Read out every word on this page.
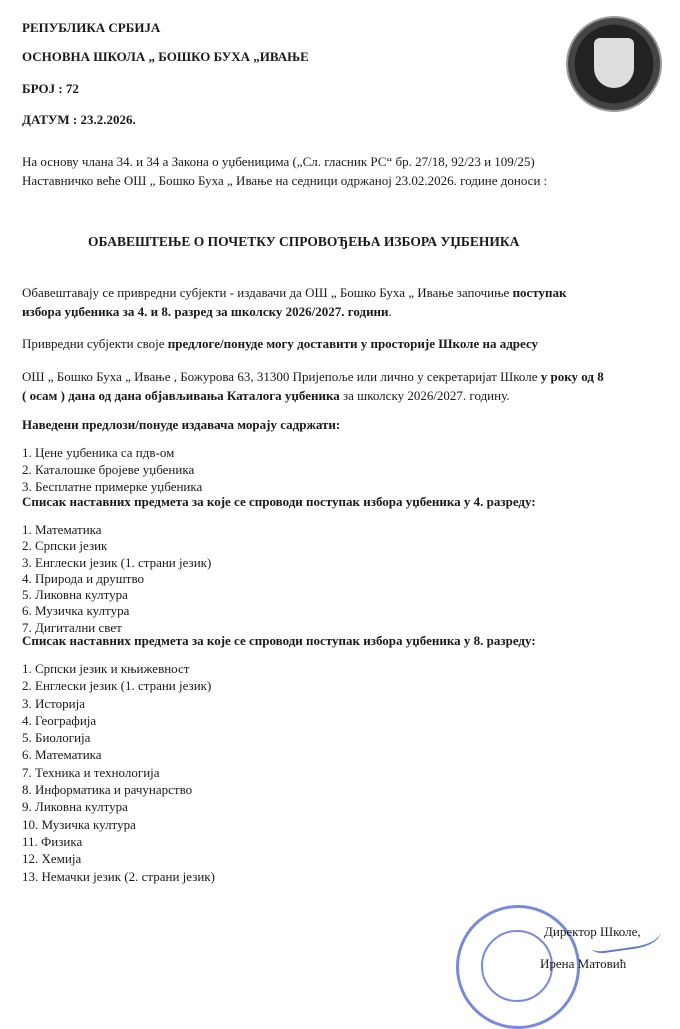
РЕПУБЛИКА СРБИЈА
ОСНОВНА ШКОЛА „ БОШКО БУХА „ИВАЊЕ
БРОЈ : 72
ДАТУМ : 23.2.2026.
На основу члана 34. и 34 а Закона о уџбеницима („Сл. гласник РС“ бр. 27/18, 92/23 и 109/25)
Наставничко веће ОШ „ Бошко Буха „ Ивање на седници одржаној 23.02.2026. године доноси :
ОБАВЕШТЕЊЕ О ПОЧЕТКУ СПРОВОЂЕЊА ИЗБОРА УЏБЕНИКА
Обавештавају се привредни субјекти - издавачи да ОШ „ Бошко Буха „ Ивање започиње поступак
избора уџбеника за 4. и 8. разред за школску 2026/2027. години.
Привредни субјекти своје предлоге/понуде могу доставити у просторије Школе на адресу
ОШ „ Бошко Буха „ Ивање , Божурова 63, 31300 Пријепоље или лично у секретаријат Школе у року од 8
( осам ) дана од дана објављивања Каталога уџбеника за школску 2026/2027. годину.
Наведени предлози/понуде издавача морају садржати:
1. Цене уџбеника са пдв-ом
2. Каталошке бројеве уџбеника
3. Бесплатне примерке уџбеника
Списак наставних предмета за које се спроводи поступак избора уџбеника у 4. разреду:
1. Математика
2. Српски језик
3. Енглески језик (1. страни језик)
4. Природа и друштво
5. Ликовна култура
6. Музичка култура
7. Дигитални свет
Списак наставних предмета за које се спроводи поступак избора уџбеника у 8. разреду:
1. Српски језик и књижевност
2. Енглески језик (1. страни језик)
3. Историја
4. Географија
5. Биологија
6. Математика
7. Техника и технологија
8. Информатика и рачунарство
9. Ликовна култура
10. Музичка култура
11. Физика
12. Хемија
13. Немачки језик (2. страни језик)
Директор Школе,
Ирена Матовић
